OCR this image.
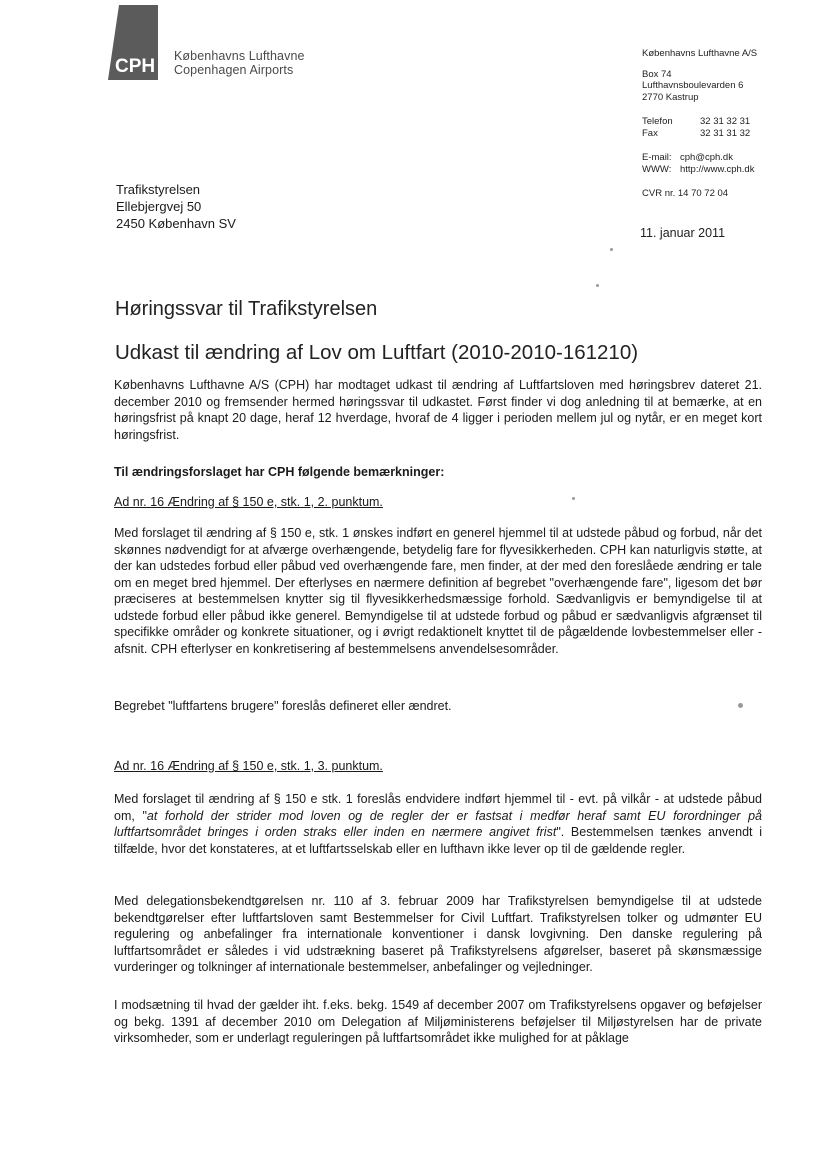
CPH Københavns Lufthavne
Copenhagen Airports
Københavns Lufthavne A/S
Box 74
Lufthavnsboulevarden 6
2770 Kastrup
Telefon	32 31 32 31
Fax	32 31 31 32
E-mail: cph@cph.dk
WWW: http://www.cph.dk
CVR nr. 14 70 72 04
11. januar 2011
Trafikstyrelsen
Ellebjergvej 50
2450 København SV
Høringssvar til Trafikstyrelsen
Udkast til ændring af Lov om Luftfart (2010-2010-161210)
Københavns Lufthavne A/S (CPH) har modtaget udkast til ændring af Luftfartsloven med høringsbrev dateret 21. december 2010 og fremsender hermed høringssvar til udkastet. Først finder vi dog anledning til at bemærke, at en høringsfrist på knapt 20 dage, heraf 12 hverdage, hvoraf de 4 ligger i perioden mellem jul og nytår, er en meget kort høringsfrist.
Til ændringsforslaget har CPH følgende bemærkninger:
Ad nr. 16 Ændring af § 150 e, stk. 1, 2. punktum.
Med forslaget til ændring af § 150 e, stk. 1 ønskes indført en generel hjemmel til at udstede påbud og forbud, når det skønnes nødvendigt for at afværge overhængende, betydelig fare for flyvesikkerheden. CPH kan naturligvis støtte, at der kan udstedes forbud eller påbud ved overhængende fare, men finder, at der med den foreslåede ændring er tale om en meget bred hjemmel. Der efterlyses en nærmere definition af begrebet "overhængende fare", ligesom det bør præciseres at bestemmelsen knytter sig til flyvesikkerhedsmæssige forhold. Sædvanligvis er bemyndigelse til at udstede forbud eller påbud ikke generel. Bemyndigelse til at udstede forbud og påbud er sædvanligvis afgrænset til specifikke områder og konkrete situationer, og i øvrigt redaktionelt knyttet til de pågældende lovbestemmelser eller -afsnit. CPH efterlyser en konkretisering af bestemmelsens anvendelsesområder.
Begrebet "luftfartens brugere" foreslås defineret eller ændret.
Ad nr. 16 Ændring af § 150 e, stk. 1, 3. punktum.
Med forslaget til ændring af § 150 e stk. 1 foreslås endvidere indført hjemmel til - evt. på vilkår - at udstede påbud om, "at forhold der strider mod loven og de regler der er fastsat i medfør heraf samt EU forordninger på luftfartsområdet bringes i orden straks eller inden en nærmere angivet frist". Bestemmelsen tænkes anvendt i tilfælde, hvor det konstateres, at et luftfartsselskab eller en lufthavn ikke lever op til de gældende regler.
Med delegationsbekendtgørelsen nr. 110 af 3. februar 2009 har Trafikstyrelsen bemyndigelse til at udstede bekendtgørelser efter luftfartsloven samt Bestemmelser for Civil Luftfart. Trafikstyrelsen tolker og udmønter EU regulering og anbefalinger fra internationale konventioner i dansk lovgivning. Den danske regulering på luftfartsområdet er således i vid udstrækning baseret på Trafikstyrelsens afgørelser, baseret på skønsmæssige vurderinger og tolkninger af internationale bestemmelser, anbefalinger og vejledninger.
I modsætning til hvad der gælder iht. f.eks. bekg. 1549 af december 2007 om Trafikstyrelsens opgaver og beføjelser og bekg. 1391 af december 2010 om Delegation af Miljøministerens beføjelser til Miljøstyrelsen har de private virksomheder, som er underlagt reguleringen på luftfartsområdet ikke mulighed for at påklage
